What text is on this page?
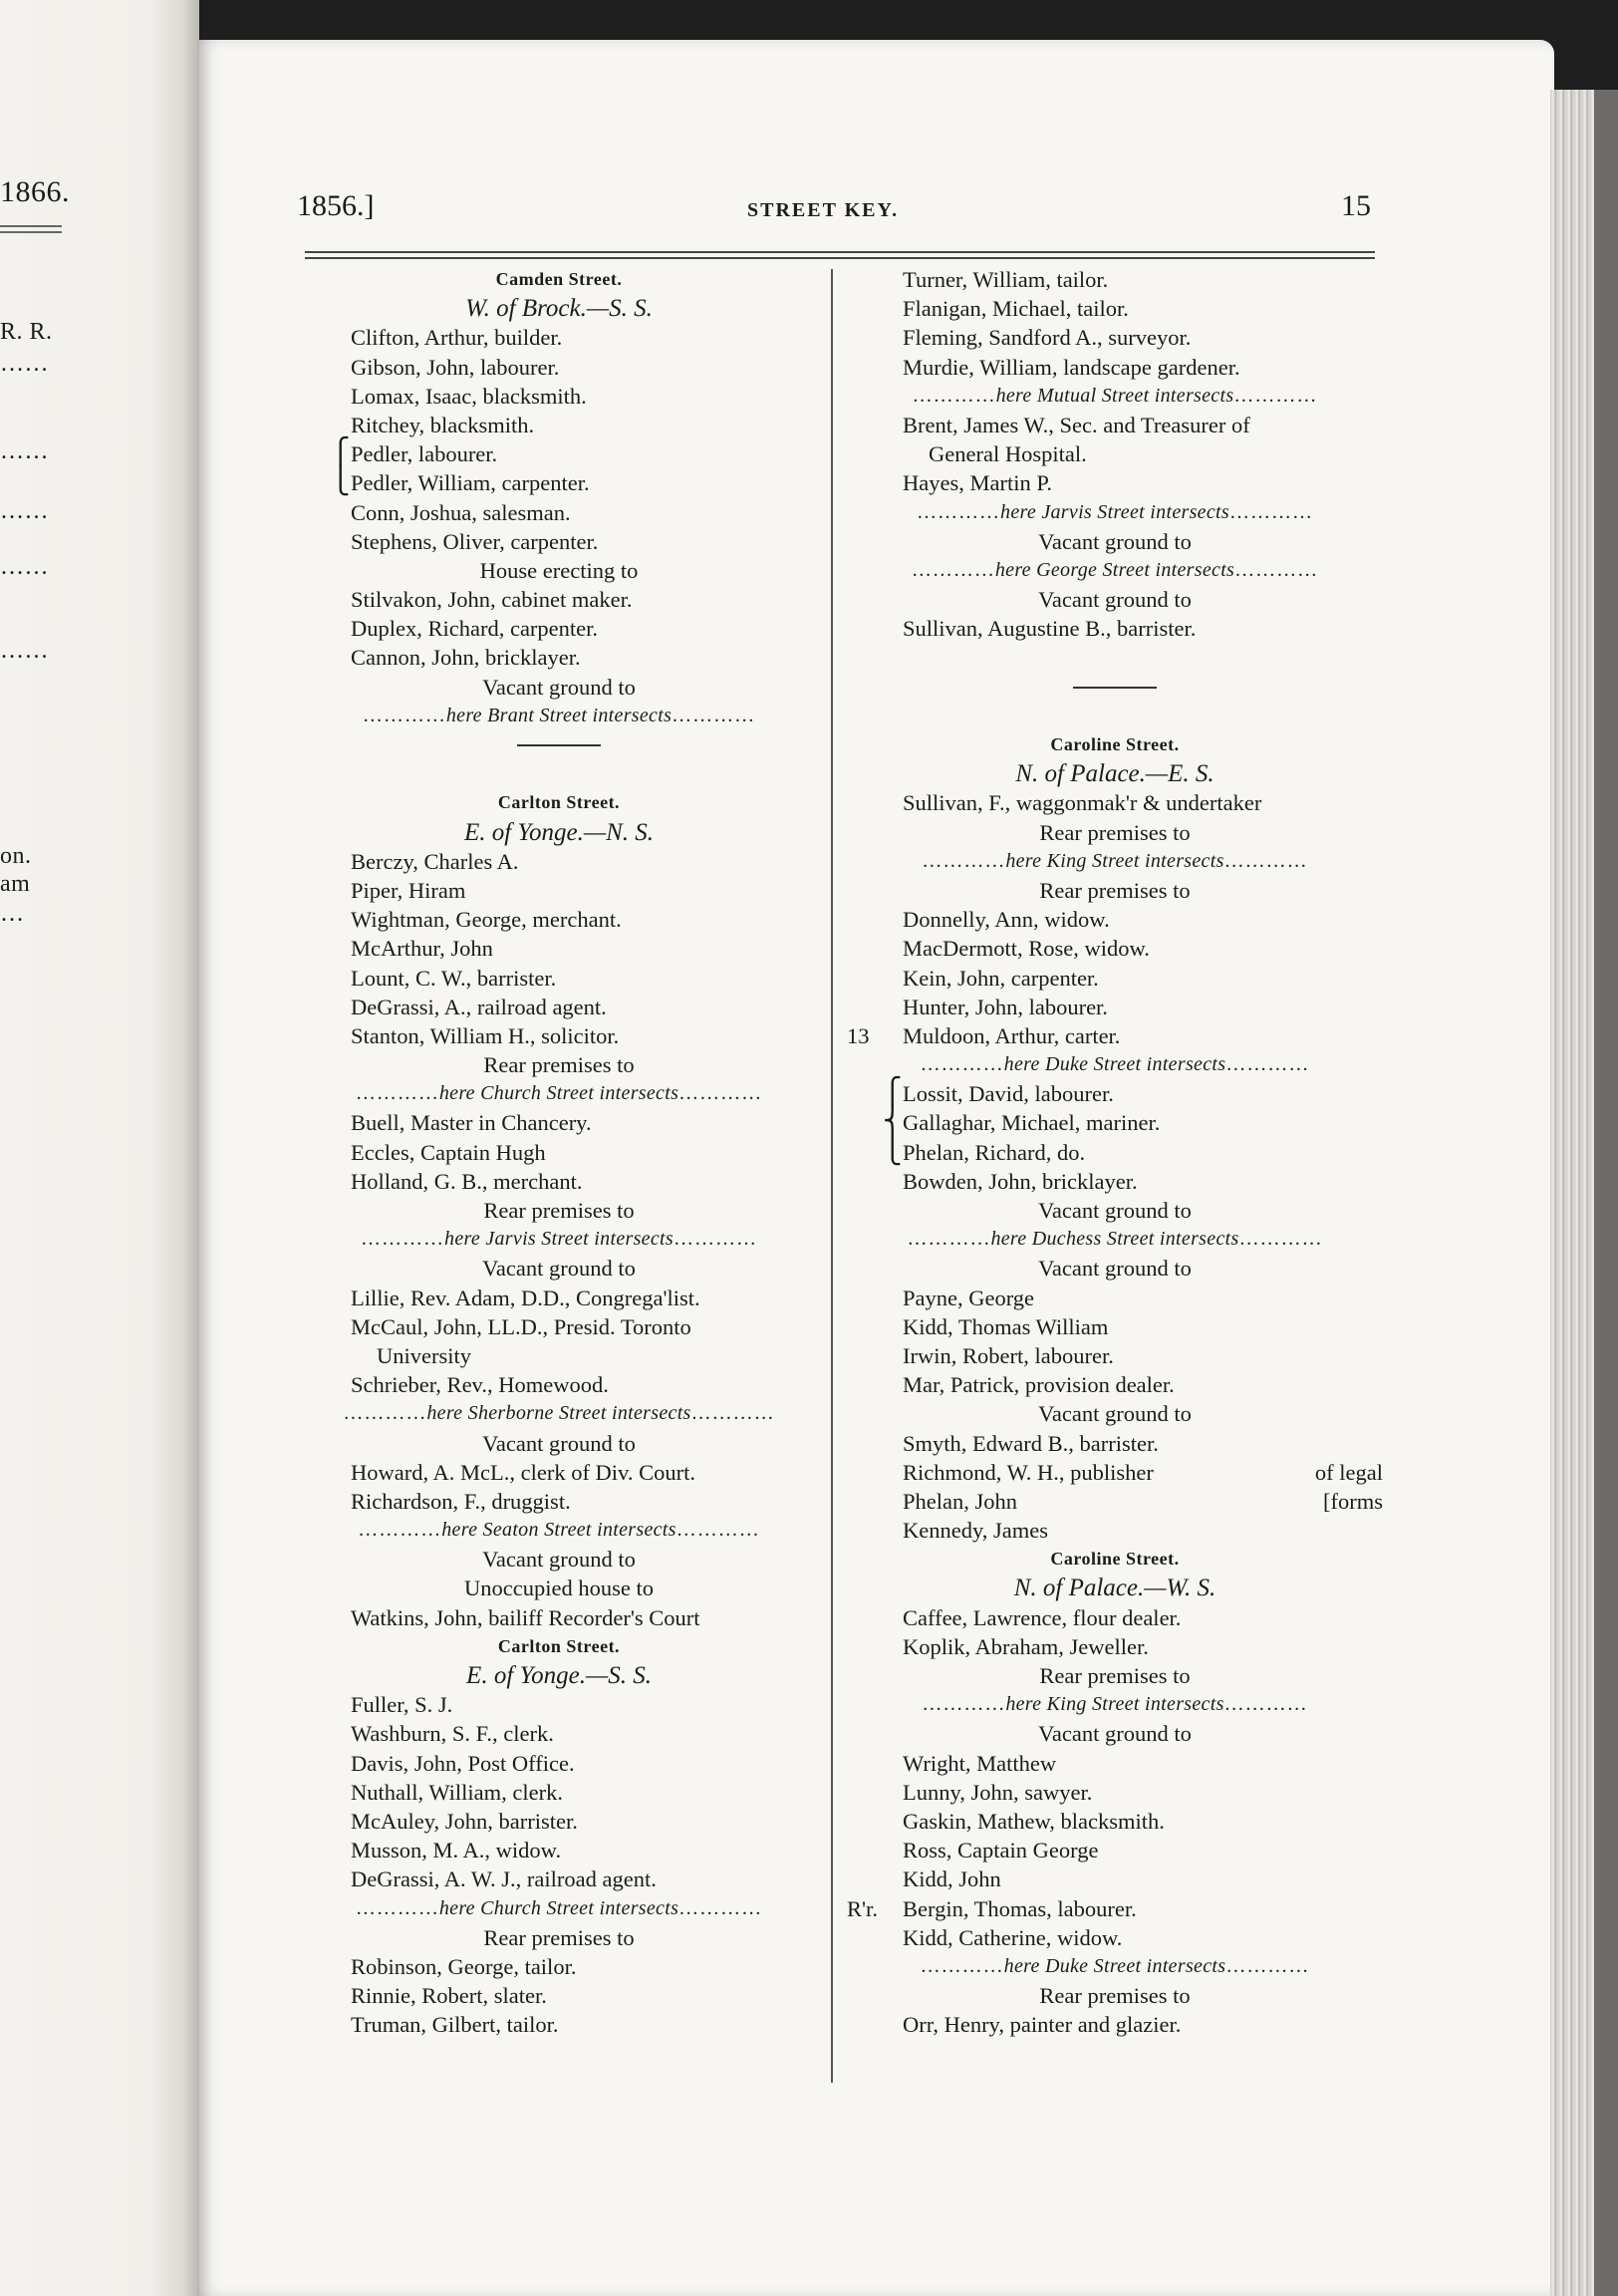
1866.
R. R.
……
……
……
……
……
on.
am
…
1856.]	STREET KEY.	15
Camden Street.
W. of Brock.—S. S.
Clifton, Arthur, builder.
Gibson, John, labourer.
Lomax, Isaac, blacksmith.
Ritchey, blacksmith.
⎧ Pedler, labourer.
⎩ Pedler, William, carpenter.
Conn, Joshua, salesman.
Stephens, Oliver, carpenter.
House erecting to
Stilvakon, John, cabinet maker.
Duplex, Richard, carpenter.
Cannon, John, bricklayer.
Vacant ground to
…………here Brant Street intersects…………
Carlton Street.
E. of Yonge.—N. S.
Berczy, Charles A.
Piper, Hiram
Wightman, George, merchant.
McArthur, John
Lount, C. W., barrister.
DeGrassi, A., railroad agent.
Stanton, William H., solicitor.
Rear premises to
…………here Church Street intersects…………
Buell, Master in Chancery.
Eccles, Captain Hugh
Holland, G. B., merchant.
Rear premises to
…………here Jarvis Street intersects…………
Vacant ground to
Lillie, Rev. Adam, D.D., Congrega'list.
McCaul, John, LL.D., Presid. Toronto
University
Schrieber, Rev., Homewood.
…………here Sherborne Street intersects…………
Vacant ground to
Howard, A. McL., clerk of Div. Court.
Richardson, F., druggist.
…………here Seaton Street intersects…………
Vacant ground to
Unoccupied house to
Watkins, John, bailiff Recorder's Court
Carlton Street.
E. of Yonge.—S. S.
Fuller, S. J.
Washburn, S. F., clerk.
Davis, John, Post Office.
Nuthall, William, clerk.
McAuley, John, barrister.
Musson, M. A., widow.
DeGrassi, A. W. J., railroad agent.
…………here Church Street intersects…………
Rear premises to
Robinson, George, tailor.
Rinnie, Robert, slater.
Truman, Gilbert, tailor.
Turner, William, tailor.
Flanigan, Michael, tailor.
Fleming, Sandford A., surveyor.
Murdie, William, landscape gardener.
…………here Mutual Street intersects…………
Brent, James W., Sec. and Treasurer of
General Hospital.
Hayes, Martin P.
…………here Jarvis Street intersects…………
Vacant ground to
…………here George Street intersects…………
Vacant ground to
Sullivan, Augustine B., barrister.
Caroline Street.
N. of Palace.—E. S.
Sullivan, F., waggonmak'r & undertaker
Rear premises to
…………here King Street intersects…………
Rear premises to
Donnelly, Ann, widow.
MacDermott, Rose, widow.
Kein, John, carpenter.
Hunter, John, labourer.
13 Muldoon, Arthur, carter.
…………here Duke Street intersects…………
⎧ Lossit, David, labourer.
⎨ Gallaghar, Michael, mariner.
⎩ Phelan, Richard, do.
Bowden, John, bricklayer.
Vacant ground to
…………here Duchess Street intersects…………
Vacant ground to
Payne, George
Kidd, Thomas William
Irwin, Robert, labourer.
Mar, Patrick, provision dealer.
Vacant ground to
Smyth, Edward B., barrister.
Richmond, W. H., publisher	of legal
Phelan, John	[forms
Kennedy, James
Caroline Street.
N. of Palace.—W. S.
Caffee, Lawrence, flour dealer.
Koplik, Abraham, Jeweller.
Rear premises to
…………here King Street intersects…………
Vacant ground to
Wright, Matthew
Lunny, John, sawyer.
Gaskin, Mathew, blacksmith.
Ross, Captain George
Kidd, John
R'r. Bergin, Thomas, labourer.
Kidd, Catherine, widow.
…………here Duke Street intersects…………
Rear premises to
Orr, Henry, painter and glazier.
